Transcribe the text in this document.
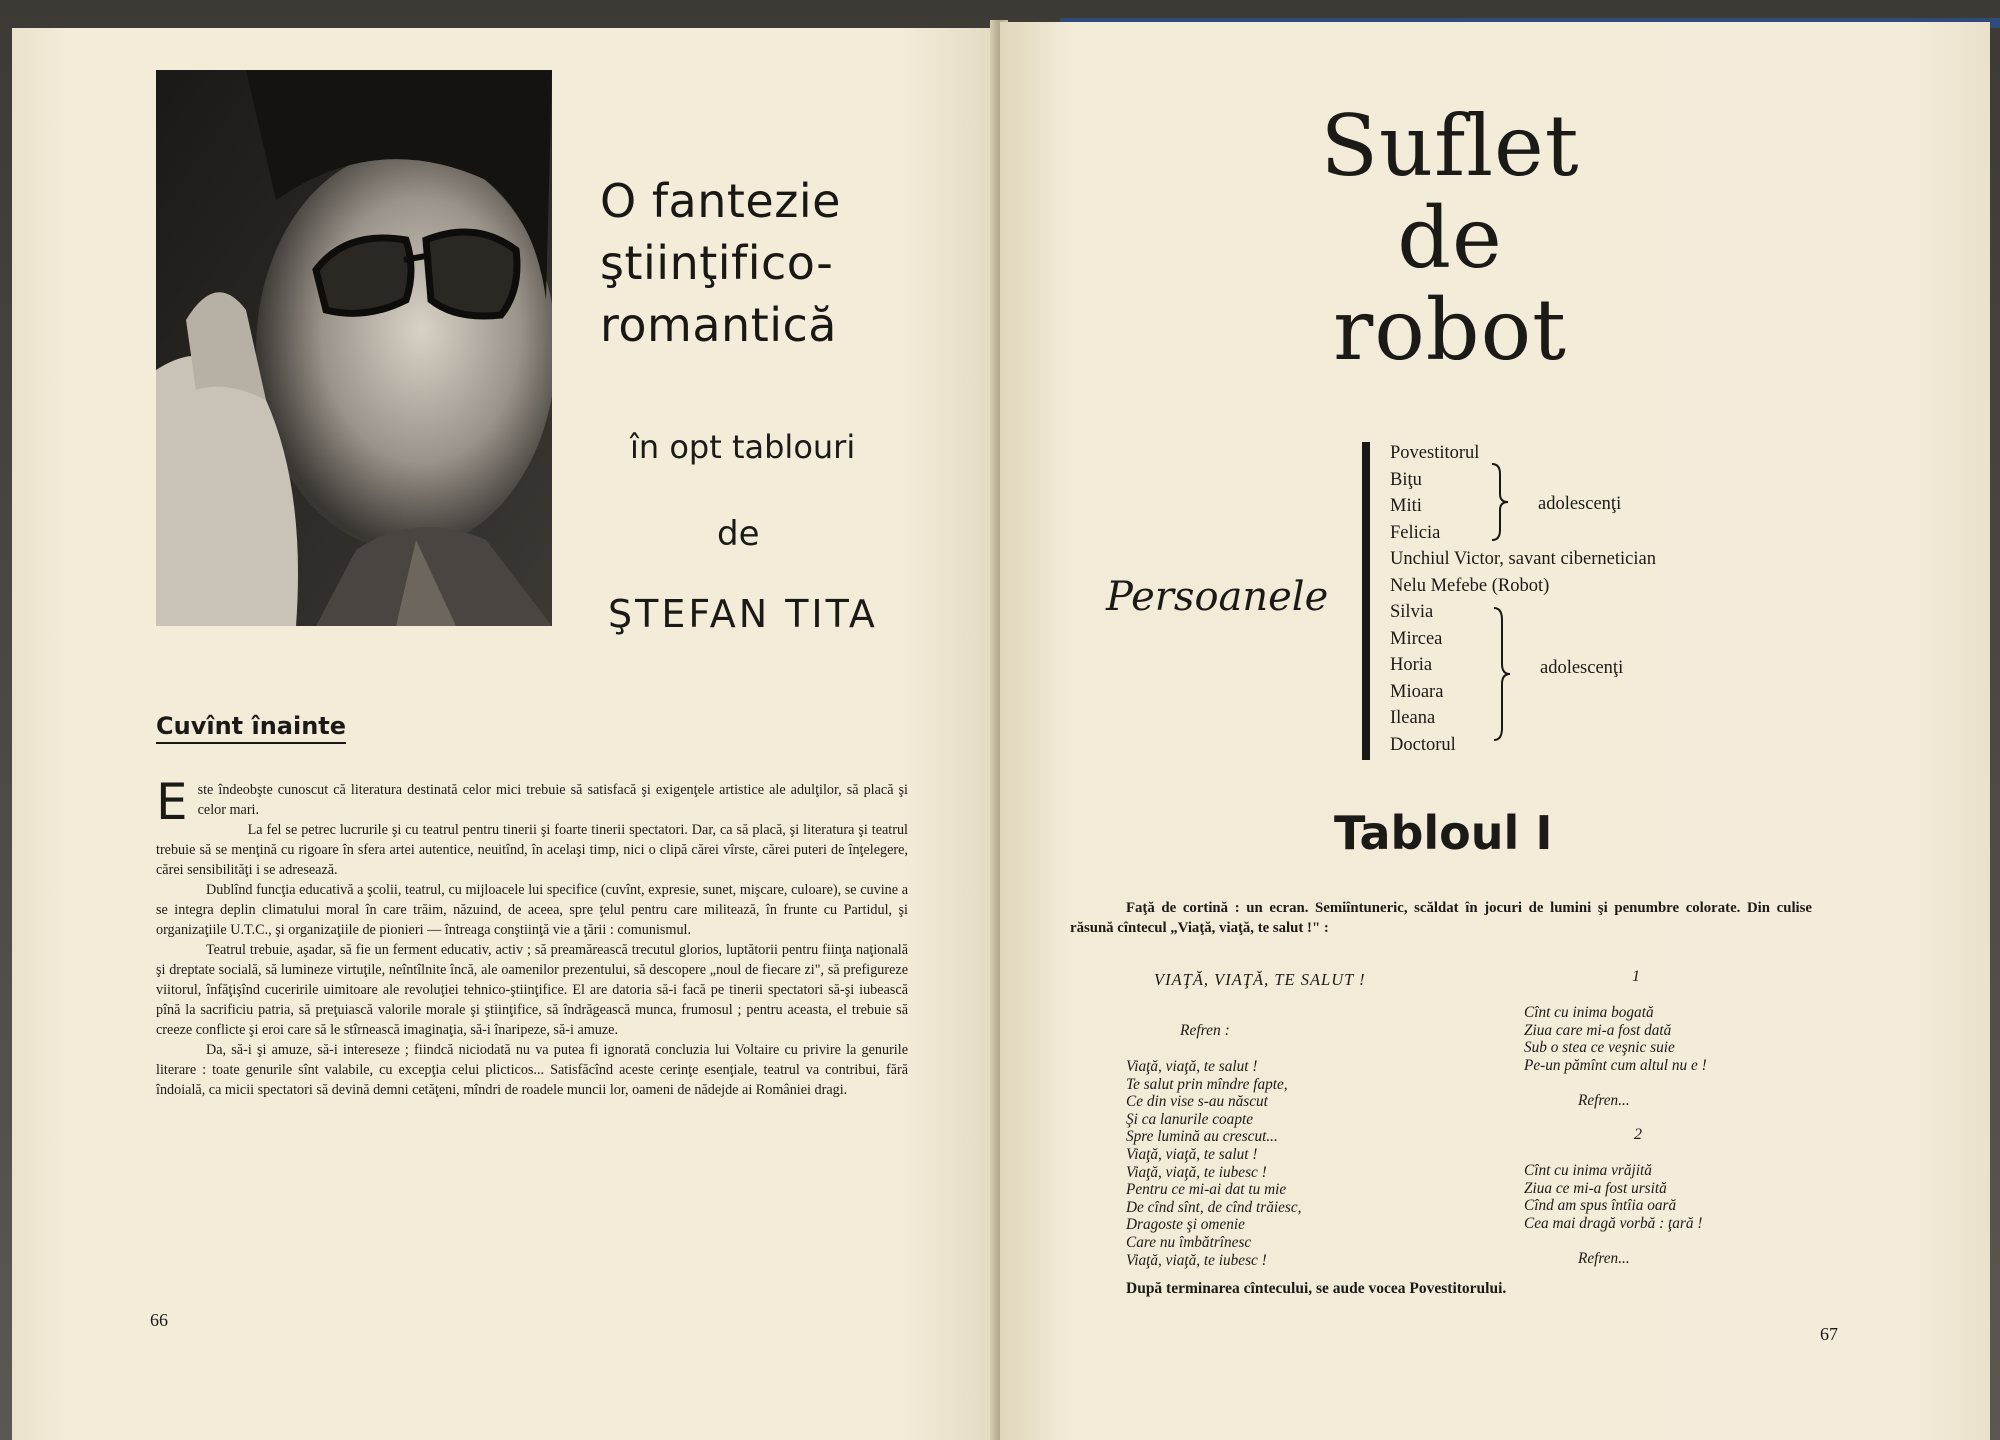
O fantezie
ştiinţifico-
romantică
în opt tablouri
de
ŞTEFAN TITA
Cuvînt înainte

Este îndeobşte cunoscut că literatura destinată celor mici trebuie să satisfacă şi exigenţele artistice ale adulţilor, să placă şi celor mari.

La fel se petrec lucrurile şi cu teatrul pentru tinerii şi foarte tinerii spectatori. Dar, ca să placă, şi literatura şi teatrul trebuie să se menţină cu rigoare în sfera artei autentice, neuitînd, în acelaşi timp, nici o clipă cărei vîrste, cărei puteri de înţelegere, cărei sensibilităţi i se adresează.

Dublînd funcţia educativă a şcolii, teatrul, cu mijloacele lui specifice (cuvînt, expresie, sunet, mişcare, culoare), se cuvine a se integra deplin climatului moral în care trăim, năzuind, de aceea, spre ţelul pentru care militează, în frunte cu Partidul, şi organizaţiile U.T.C., şi organizaţiile de pionieri — întreaga conştiinţă vie a ţării : comunismul.

Teatrul trebuie, aşadar, să fie un ferment educativ, activ ; să preamărească trecutul glorios, luptătorii pentru fiinţa naţională şi dreptate socială, să lumineze virtuţile, neîntîlnite încă, ale oamenilor prezentului, să descopere „noul de fiecare zi", să prefigureze viitorul, înfăţişînd cuceririle uimitoare ale revoluţiei tehnico-ştiinţifice. El are datoria să-i facă pe tinerii spectatori să-şi iubească pînă la sacrificiu patria, să preţuiască valorile morale şi ştiinţifice, să îndrăgească munca, frumosul ; pentru aceasta, el trebuie să creeze conflicte şi eroi care să le stîrnească imaginaţia, să-i înaripeze, să-i amuze.

Da, să-i şi amuze, să-i intereseze ; fiindcă niciodată nu va putea fi ignorată concluzia lui Voltaire cu privire la genurile literare : toate genurile sînt valabile, cu excepţia celui plicticos... Satisfăcînd aceste cerinţe esenţiale, teatrul va contribui, fără îndoială, ca micii spectatori să devină demni cetăţeni, mîndri de roadele muncii lor, oameni de nădejde ai României dragi.

66
Suflet
de
robot
Persoanele
Povestitorul
Biţu
Miti
Felicia
Unchiul Victor, savant cibernetician
Nelu Mefebe (Robot)
Silvia
Mircea
Horia
Mioara
Ileana
Doctorul
adolescenţi
adolescenţi
Tabloul I
Faţă de cortină : un ecran. Semiîntuneric, scăldat în jocuri de lumini şi penumbre colorate. Din culise răsună cîntecul „Viaţă, viaţă, te salut !" :
VIAŢĂ, VIAŢĂ, TE SALUT !
Refren :
Viaţă, viaţă, te salut !
Te salut prin mîndre fapte,
Ce din vise s-au născut
Şi ca lanurile coapte
Spre lumină au crescut...
Viaţă, viaţă, te salut !
Viaţă, viaţă, te iubesc !
Pentru ce mi-ai dat tu mie
De cînd sînt, de cînd trăiesc,
Dragoste şi omenie
Care nu îmbătrînesc
Viaţă, viaţă, te iubesc !
1
Cînt cu inima bogată
Ziua care mi-a fost dată
Sub o stea ce veşnic suie
Pe-un pămînt cum altul nu e !
Refren...
2
Cînt cu inima vrăjită
Ziua ce mi-a fost ursită
Cînd am spus întîia oară
Cea mai dragă vorbă : ţară !
Refren...
După terminarea cîntecului, se aude vocea Povestitorului.
67
